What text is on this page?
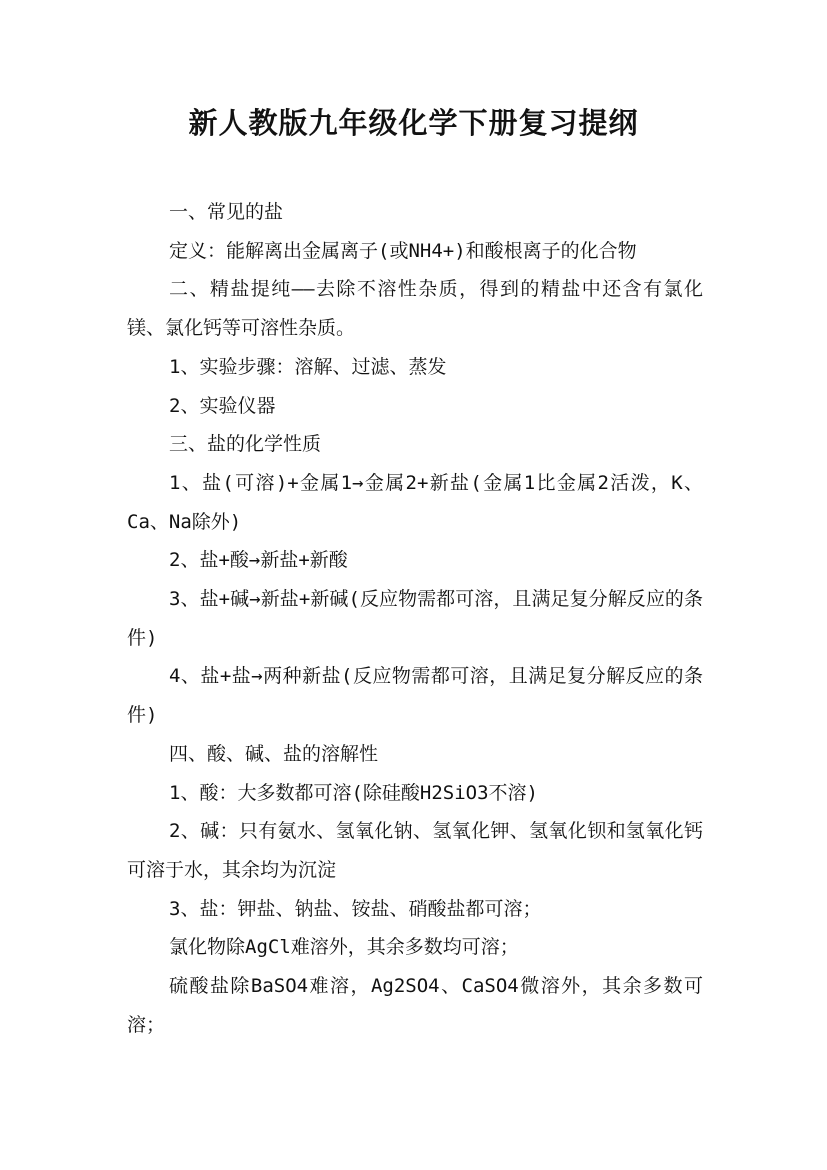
新人教版九年级化学下册复习提纲

一、常见的盐

定义：能解离出金属离子(或NH4+)和酸根离子的化合物

二、精盐提纯——去除不溶性杂质，得到的精盐中还含有氯化镁、氯化钙等可溶性杂质。

1、实验步骤：溶解、过滤、蒸发

2、实验仪器

三、盐的化学性质

1、盐(可溶)+金属1→金属2+新盐(金属1比金属2活泼，K、Ca、Na除外)

2、盐+酸→新盐+新酸

3、盐+碱→新盐+新碱(反应物需都可溶，且满足复分解反应的条件)

4、盐+盐→两种新盐(反应物需都可溶，且满足复分解反应的条件)

四、酸、碱、盐的溶解性

1、酸：大多数都可溶(除硅酸H2SiO3不溶)

2、碱：只有氨水、氢氧化钠、氢氧化钾、氢氧化钡和氢氧化钙可溶于水，其余均为沉淀

3、盐：钾盐、钠盐、铵盐、硝酸盐都可溶；

氯化物除AgCl难溶外，其余多数均可溶；

硫酸盐除BaSO4难溶，Ag2SO4、CaSO4微溶外，其余多数可溶；
